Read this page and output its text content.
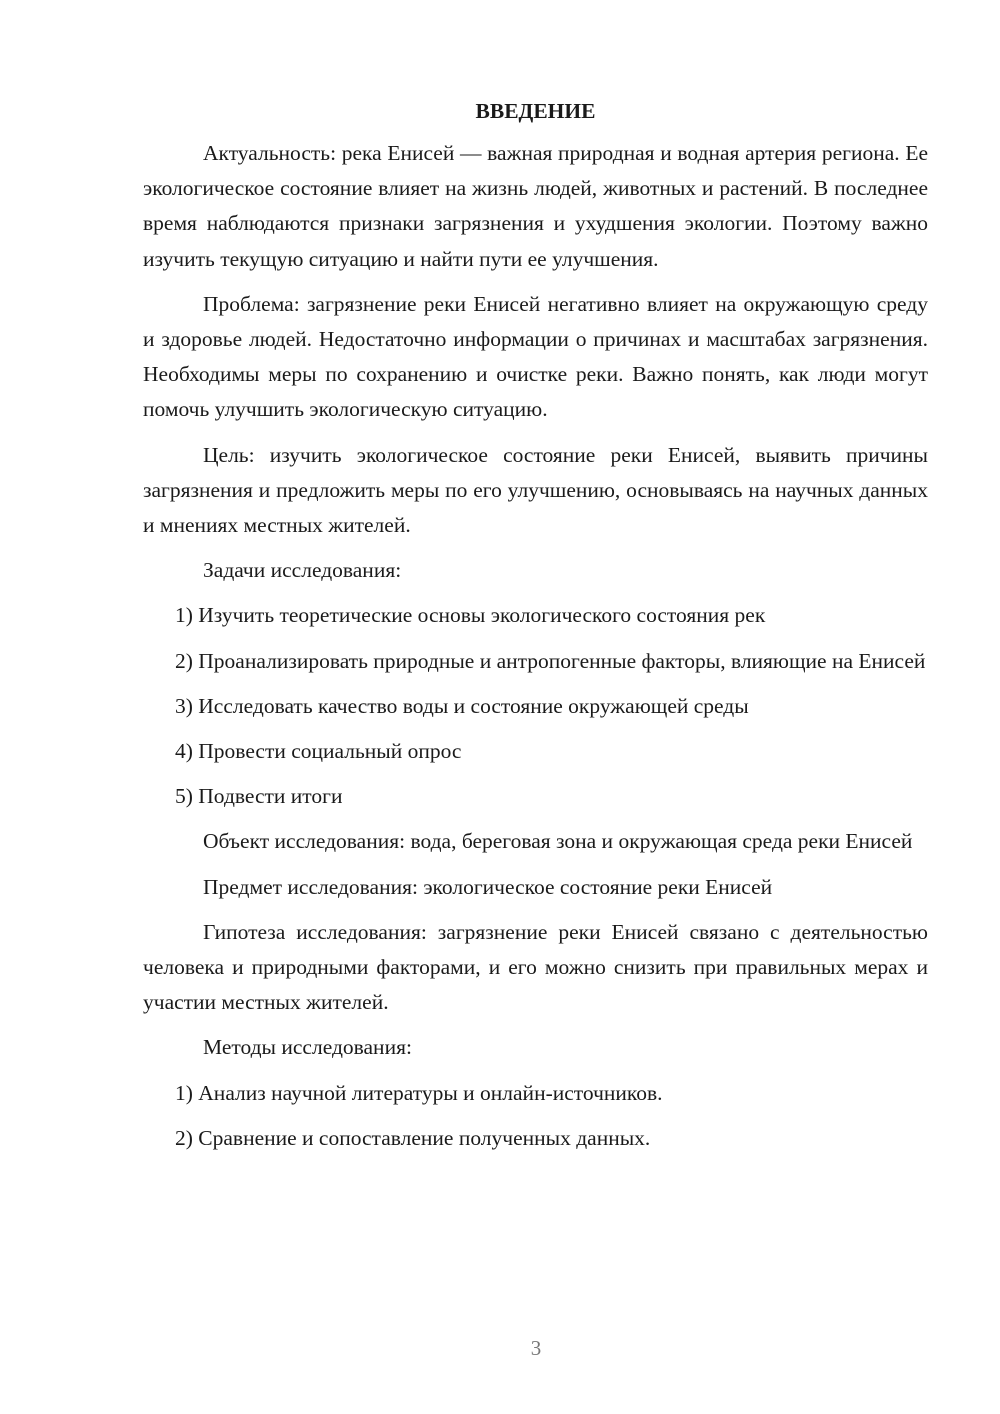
ВВЕДЕНИЕ

Актуальность: река Енисей — важная природная и водная артерия региона. Ее экологическое состояние влияет на жизнь людей, животных и растений. В последнее время наблюдаются признаки загрязнения и ухудшения экологии. Поэтому важно изучить текущую ситуацию и найти пути ее улучшения.

Проблема: загрязнение реки Енисей негативно влияет на окружающую среду и здоровье людей. Недостаточно информации о причинах и масштабах загрязнения. Необходимы меры по сохранению и очистке реки. Важно понять, как люди могут помочь улучшить экологическую ситуацию.

Цель: изучить экологическое состояние реки Енисей, выявить причины загрязнения и предложить меры по его улучшению, основываясь на научных данных и мнениях местных жителей.

Задачи исследования:

1) Изучить теоретические основы экологического состояния рек

2) Проанализировать природные и антропогенные факторы, влияющие на Енисей

3) Исследовать качество воды и состояние окружающей среды

4) Провести социальный опрос

5) Подвести итоги

Объект исследования: вода, береговая зона и окружающая среда реки Енисей

Предмет исследования: экологическое состояние реки Енисей

Гипотеза исследования: загрязнение реки Енисей связано с деятельностью человека и природными факторами, и его можно снизить при правильных мерах и участии местных жителей.

Методы исследования:

1) Анализ научной литературы и онлайн-источников.

2) Сравнение и сопоставление полученных данных.

3
